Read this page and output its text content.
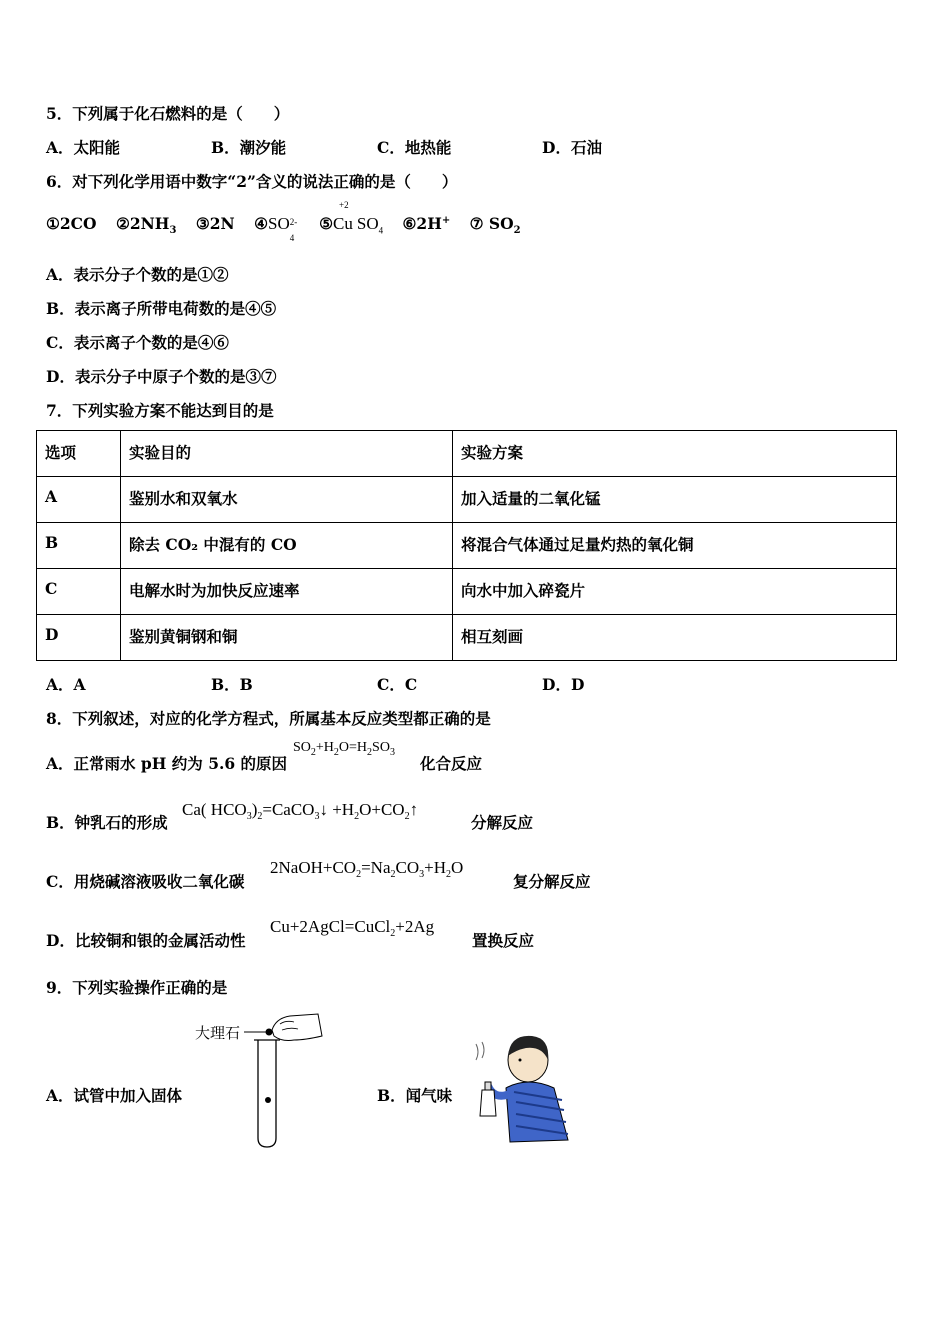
5．下列属于化石燃料的是（　　）
A．太阳能	B．潮汐能	C．地热能	D．石油
6．对下列化学用语中数字“2”含义的说法正确的是（　　）
①2CO $②2NH_3$ ③2N ④SO 2-
4
⑤
+2
Cu $SO_4$ ⑥2H+ ⑦ $SO_2$
A．表示分子个数的是①②
B．表示离子所带电荷数的是④⑤
C．表示离子个数的是④⑥
D．表示分子中原子个数的是③⑦
7．下列实验方案不能达到目的是
选项	实验目的	实验方案
A	鉴别水和双氧水	加入适量的二氧化锰
B	除去 CO₂ 中混有的 CO	将混合气体通过足量灼热的氧化铜
C	电解水时为加快反应速率	向水中加入碎瓷片
D	鉴别黄铜钢和铜	相互刻画
A．A	B．B	C．C	D．D
8．下列叙述，对应的化学方程式，所属基本反应类型都正确的是
A．正常雨水 pH 约为 5.6 的原因
$SO_2+H_2O=H_2SO_3$
化合反应
B．钟乳石的形成
Ca( $HCO_3)_2=CaCO_3↓$ $+H_2O+CO_2↑$
分解反应
C．用烧碱溶液吸收二氧化碳
$2NaOH+CO_2=Na_2CO_3+H_2O$
复分解反应
D．比较铜和银的金属活动性
Cu+2AgCl=CuCl$_2$+2Ag
置换反应
9．下列实验操作正确的是
A．试管中加入固体
大理石
B．闻气味
